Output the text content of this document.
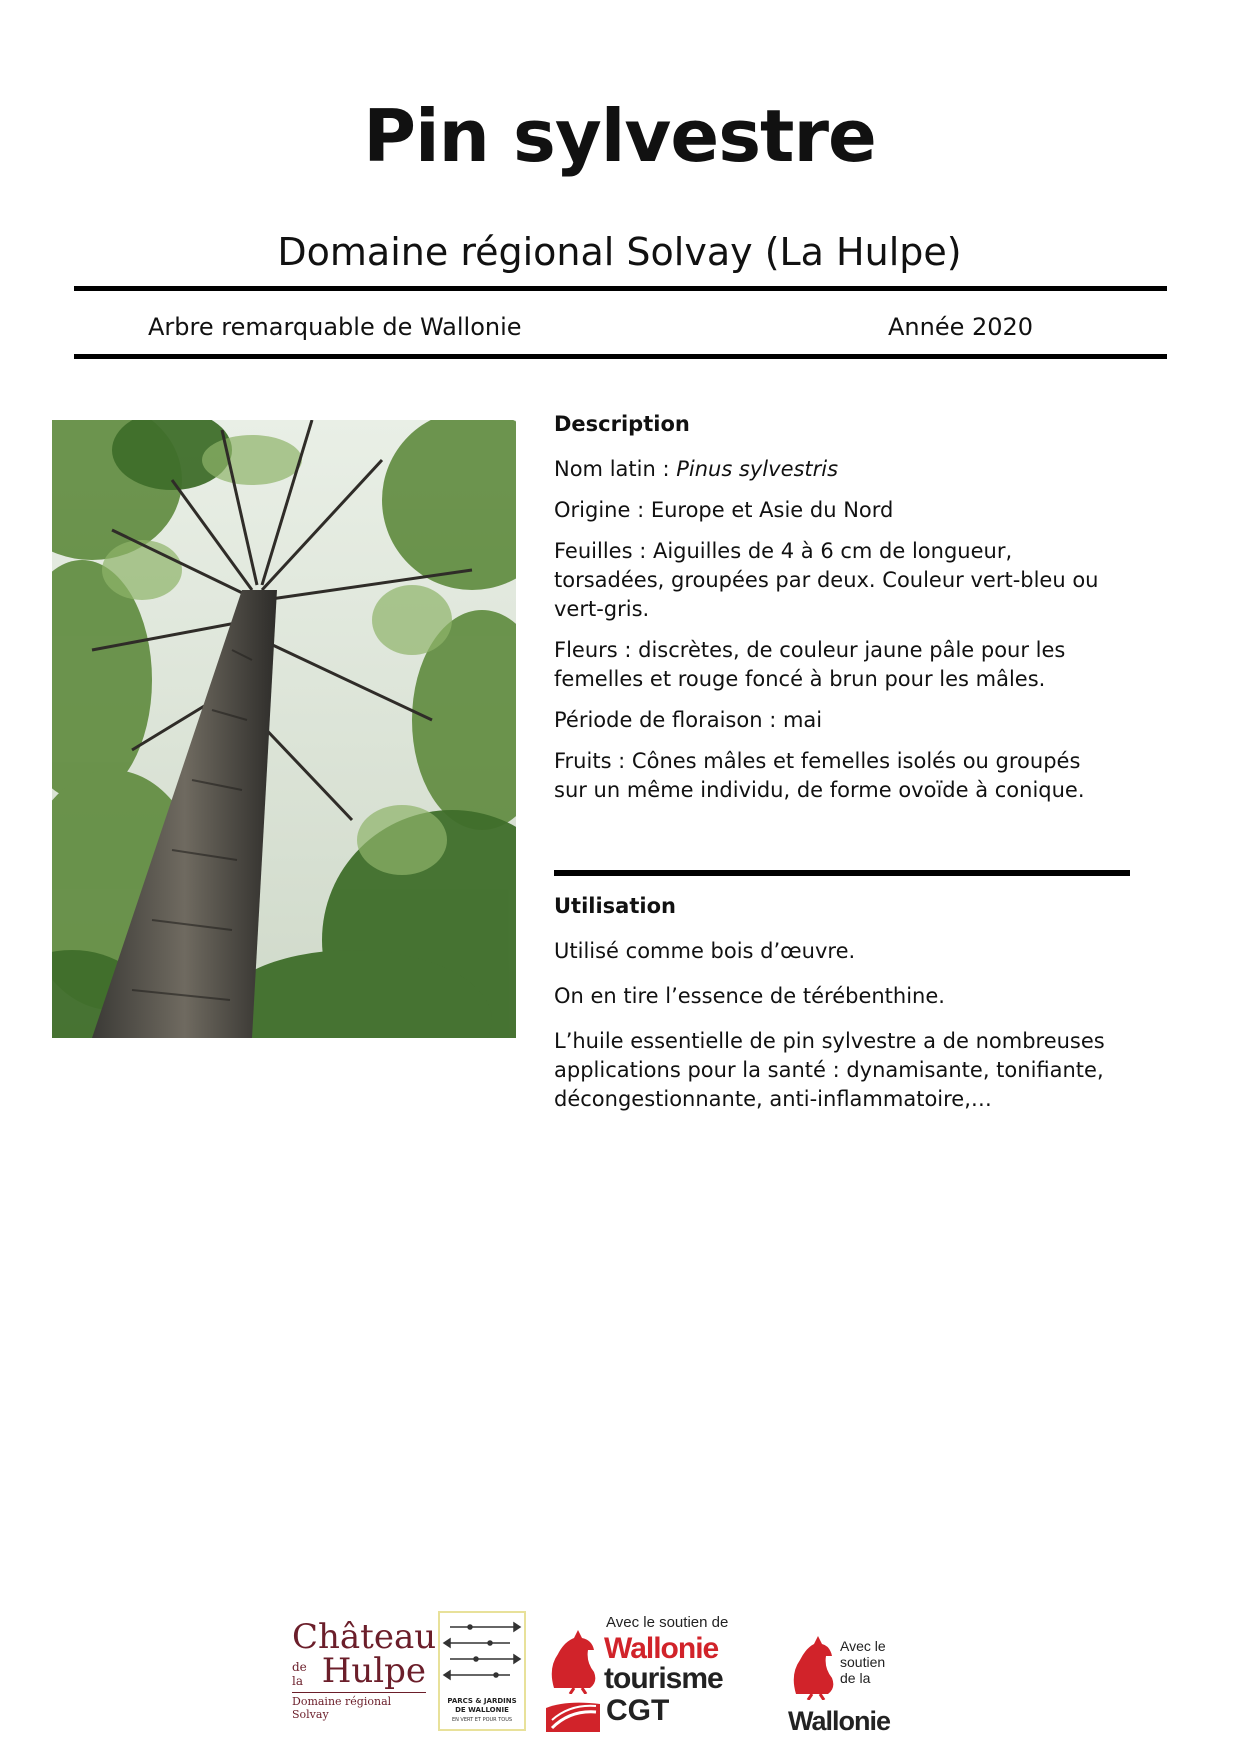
Pin sylvestre
Domaine régional Solvay (La Hulpe)
Arbre remarquable de Wallonie	Année 2020

Description

Nom latin : Pinus sylvestris

Origine : Europe et Asie du Nord

Feuilles : Aiguilles de 4 à 6 cm de longueur, torsadées, groupées par deux. Couleur vert-bleu ou vert-gris.

Fleurs : discrètes, de couleur jaune pâle pour les femelles et rouge foncé à brun pour les mâles.

Période de floraison : mai

Fruits : Cônes mâles et femelles isolés ou groupés sur un même individu, de forme ovoïde à conique.

Utilisation

Utilisé comme bois d’œuvre.

On en tire l’essence de térébenthine.

L’huile essentielle de pin sylvestre a de nombreuses applications pour la santé : dynamisante, tonifiante, décongestionnante, anti-inflammatoire,…

Château
de la Hulpe
Domaine régional Solvay
PARCS & JARDINS
DE WALLONIE
EN VERT ET POUR TOUS
Avec le soutien de
Wallonie
tourisme
CGT
Avec le
soutien
de la
Wallonie
